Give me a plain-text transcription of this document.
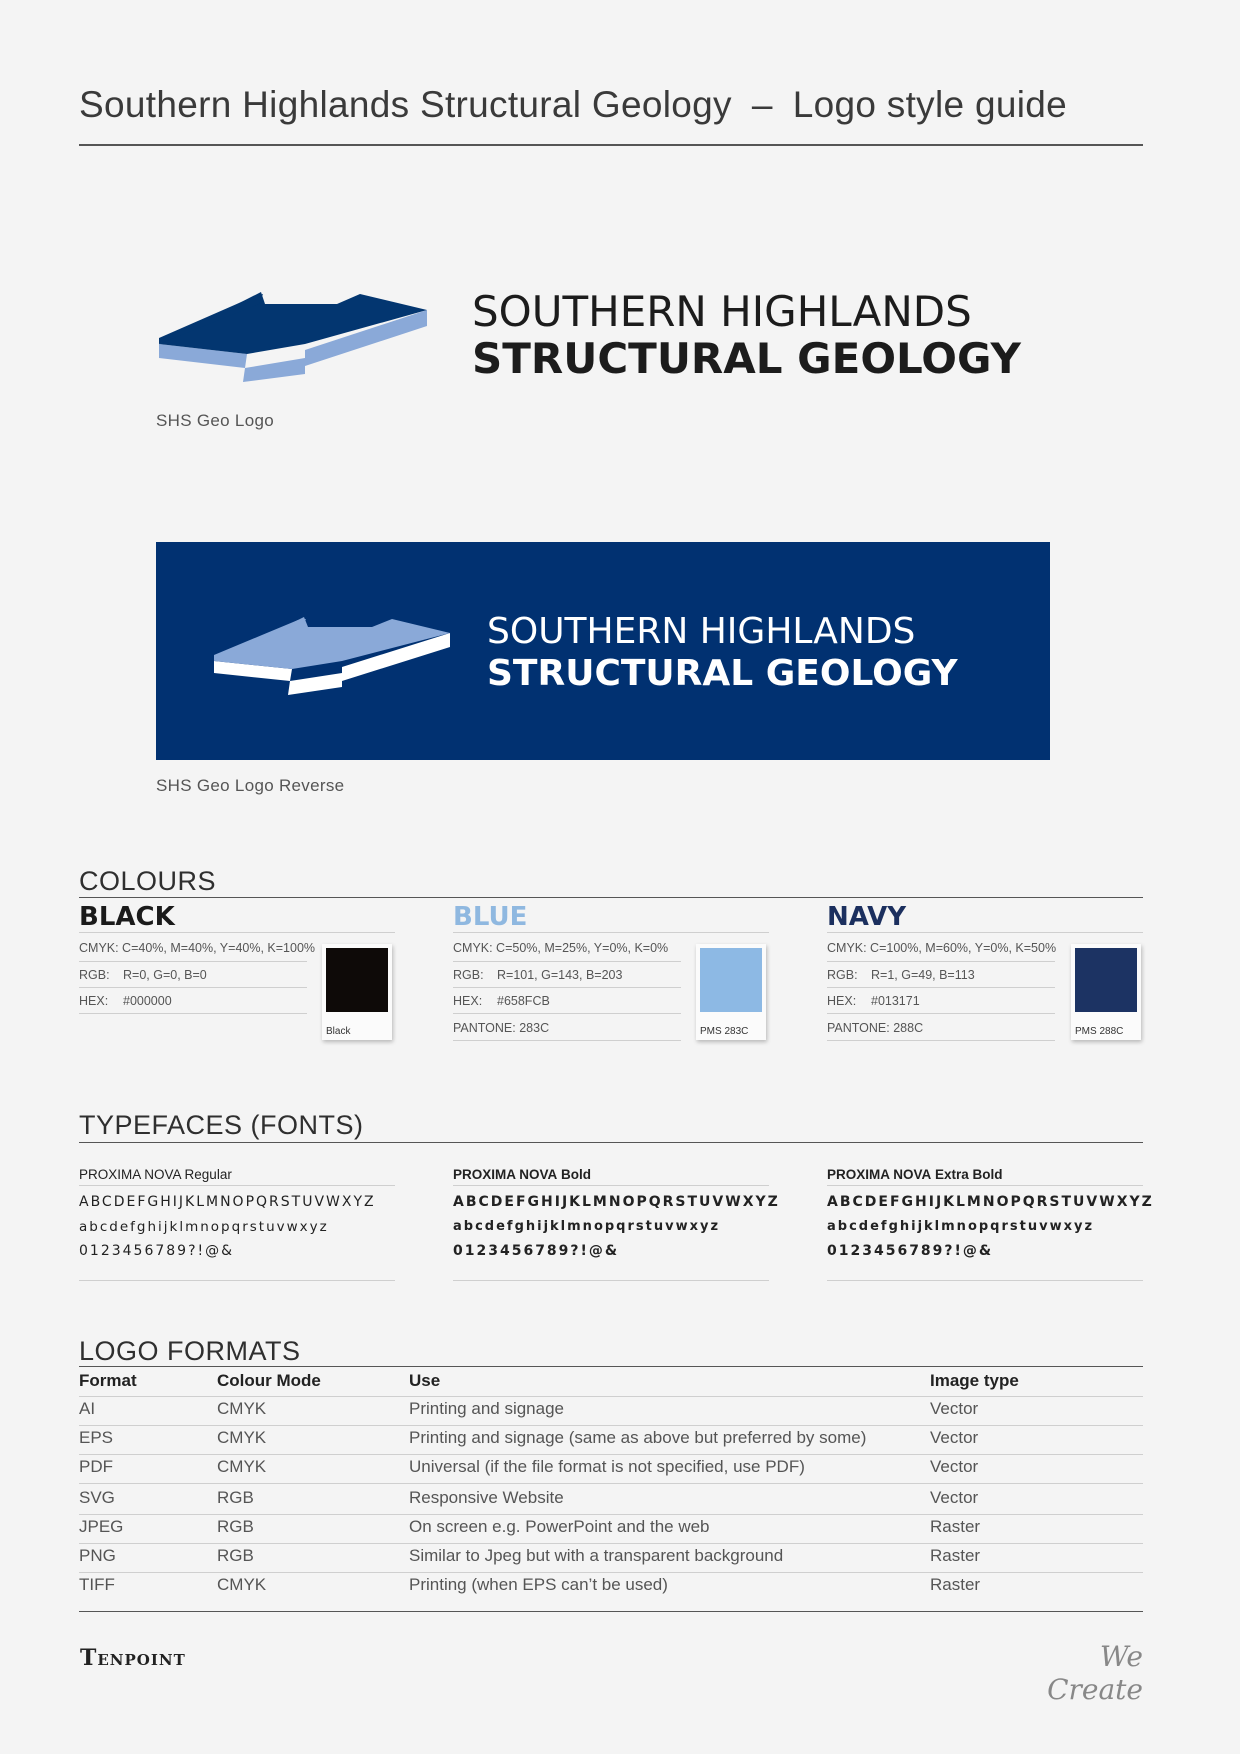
Southern Highlands Structural Geology – Logo style guide
SOUTHERN HIGHLANDS
STRUCTURAL GEOLOGY
SHS Geo Logo
SOUTHERN HIGHLANDS
STRUCTURAL GEOLOGY
SHS Geo Logo Reverse
COLOURS
BLACK
CMYK: C=40%, M=40%, Y=40%, K=100%
RGB: R=0, G=0, B=0
HEX: #000000
Black
BLUE
CMYK: C=50%, M=25%, Y=0%, K=0%
RGB: R=101, G=143, B=203
HEX: #658FCB
PANTONE: 283C	PMS 283C
NAVY
CMYK: C=100%, M=60%, Y=0%, K=50%
RGB: R=1, G=49, B=113
HEX: #013171
PANTONE: 288C	PMS 288C
TYPEFACES (FONTS)
PROXIMA NOVA Regular
ABCDEFGHIJKLMNOPQRSTUVWXYZ
abcdefghijklmnopqrstuvwxyz
0123456789?!@&
PROXIMA NOVA Bold
ABCDEFGHIJKLMNOPQRSTUVWXYZ
abcdefghijklmnopqrstuvwxyz
0123456789?!@&
PROXIMA NOVA Extra Bold
ABCDEFGHIJKLMNOPQRSTUVWXYZ
abcdefghijklmnopqrstuvwxyz
0123456789?!@&
LOGO FORMATS
Format	Colour Mode	Use	Image type
AI	CMYK	Printing and signage	Vector
EPS	CMYK	Printing and signage (same as above but preferred by some)	Vector
PDF	CMYK	Universal (if the file format is not specified, use PDF)	Vector
SVG	RGB	Responsive Website	Vector
JPEG	RGB	On screen e.g. PowerPoint and the web	Raster
PNG	RGB	Similar to Jpeg but with a transparent background	Raster
TIFF	CMYK	Printing (when EPS can’t be used)	Raster
Tenpoint	We Create
